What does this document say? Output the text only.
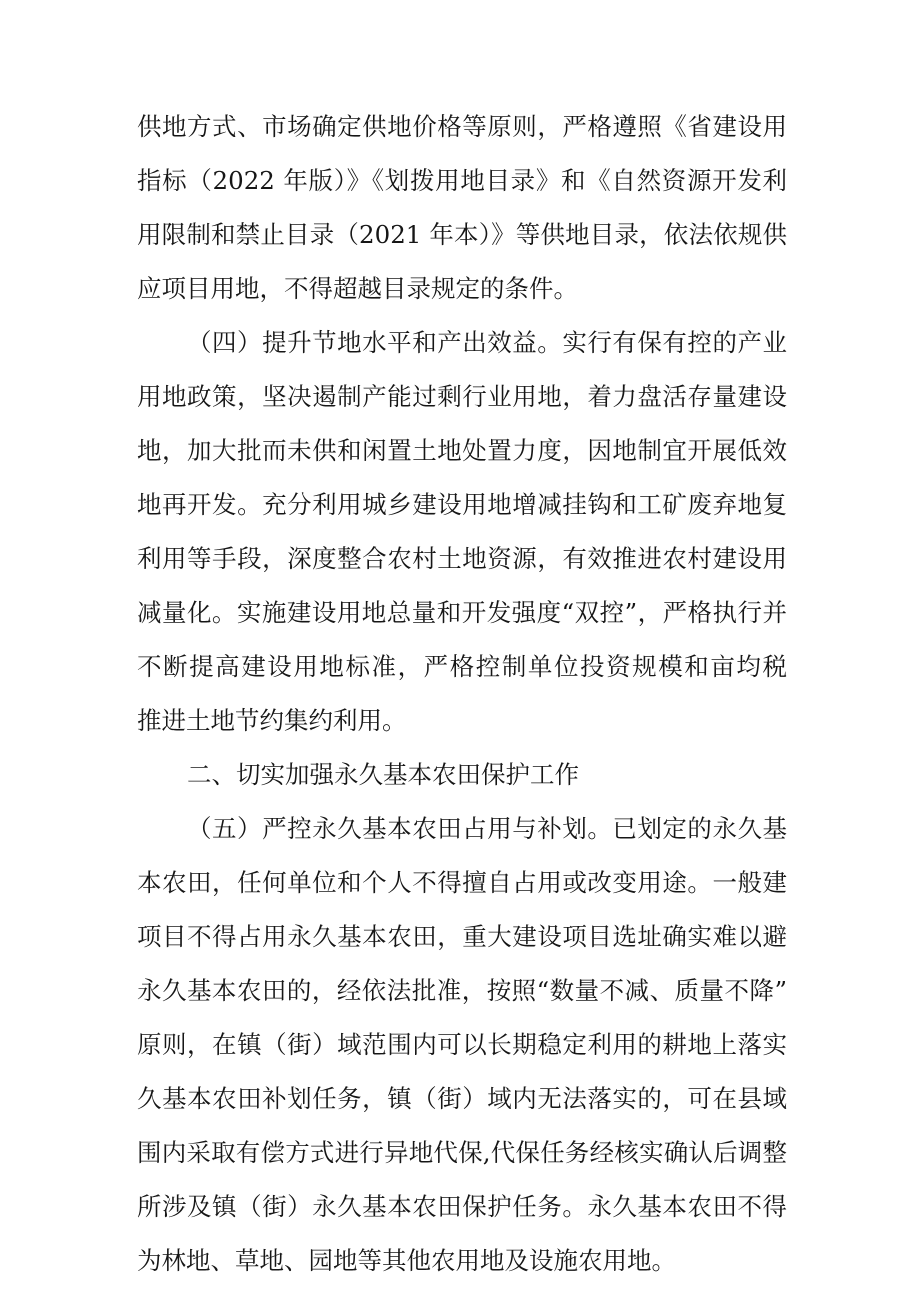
供地方式、市场确定供地价格等原则，严格遵照《省建设用
指标（2022 年版）》《划拨用地目录》和《自然资源开发利
用限制和禁止目录（2021 年本）》等供地目录，依法依规供
应项目用地，不得超越目录规定的条件。
（四）提升节地水平和产出效益。实行有保有控的产业
用地政策，坚决遏制产能过剩行业用地，着力盘活存量建设
地，加大批而未供和闲置土地处置力度，因地制宜开展低效
地再开发。充分利用城乡建设用地增减挂钩和工矿废弃地复
利用等手段，深度整合农村土地资源，有效推进农村建设用
减量化。实施建设用地总量和开发强度“双控”，严格执行并
不断提高建设用地标准，严格控制单位投资规模和亩均税
推进土地节约集约利用。
二、切实加强永久基本农田保护工作
（五）严控永久基本农田占用与补划。已划定的永久基
本农田，任何单位和个人不得擅自占用或改变用途。一般建
项目不得占用永久基本农田，重大建设项目选址确实难以避
永久基本农田的，经依法批准，按照“数量不减、质量不降”
原则，在镇（街）域范围内可以长期稳定利用的耕地上落实
久基本农田补划任务，镇（街）域内无法落实的，可在县域
围内采取有偿方式进行异地代保,代保任务经核实确认后调整
所涉及镇（街）永久基本农田保护任务。永久基本农田不得
为林地、草地、园地等其他农用地及设施农用地。
